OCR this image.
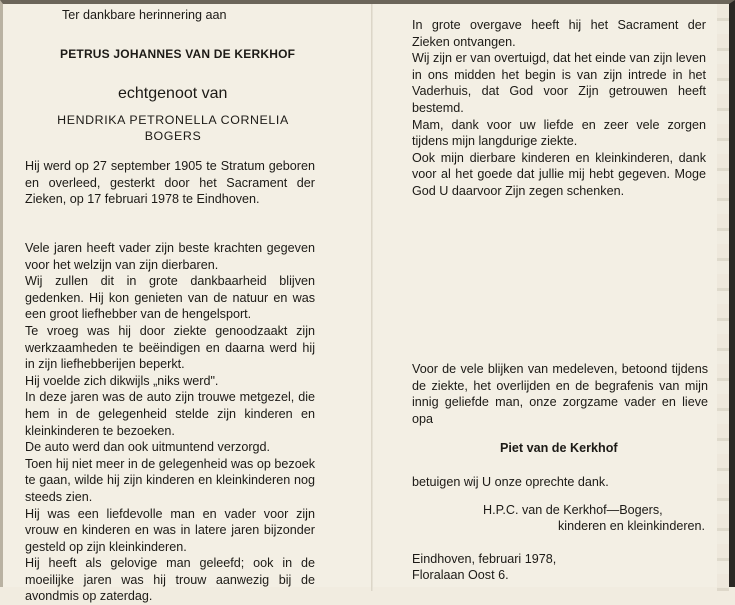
Ter dankbare herinnering aan
PETRUS JOHANNES VAN DE KERKHOF
echtgenoot van
HENDRIKA PETRONELLA CORNELIA
BOGERS

Hij werd op 27 september 1905 te Stratum geboren en overleed, gesterkt door het Sacrament der Zieken, op 17 februari 1978 te Eindhoven.

Vele jaren heeft vader zijn beste krachten gegeven voor het welzijn van zijn dierbaren.

Wij zullen dit in grote dankbaarheid blijven gedenken. Hij kon genieten van de natuur en was een groot liefhebber van de hengelsport.

Te vroeg was hij door ziekte genoodzaakt zijn werkzaamheden te beëindigen en daarna werd hij in zijn liefhebberijen beperkt.

Hij voelde zich dikwijls „niks werd".

In deze jaren was de auto zijn trouwe metgezel, die hem in de gelegenheid stelde zijn kinderen en kleinkinderen te bezoeken.

De auto werd dan ook uitmuntend verzorgd.

Toen hij niet meer in de gelegenheid was op bezoek te gaan, wilde hij zijn kinderen en kleinkinderen nog steeds zien.

Hij was een liefdevolle man en vader voor zijn vrouw en kinderen en was in latere jaren bijzonder gesteld op zijn kleinkinderen.

Hij heeft als gelovige man geleefd; ook in de moeilijke jaren was hij trouw aanwezig bij de avondmis op zaterdag.

In grote overgave heeft hij het Sacrament der Zieken ontvangen.

Wij zijn er van overtuigd, dat het einde van zijn leven in ons midden het begin is van zijn intrede in het Vaderhuis, dat God voor Zijn getrouwen heeft bestemd.

Mam, dank voor uw liefde en zeer vele zorgen tijdens mijn langdurige ziekte.

Ook mijn dierbare kinderen en kleinkinderen, dank voor al het goede dat jullie mij hebt gegeven. Moge God U daarvoor Zijn zegen schenken.

Voor de vele blijken van medeleven, betoond tijdens de ziekte, het overlijden en de begrafenis van mijn innig geliefde man, onze zorgzame vader en lieve opa

Piet van de Kerkhof
betuigen wij U onze oprechte dank.
H.P.C. van de Kerkhof—Bogers,
kinderen en kleinkinderen.
Eindhoven, februari 1978,
Floralaan Oost 6.
